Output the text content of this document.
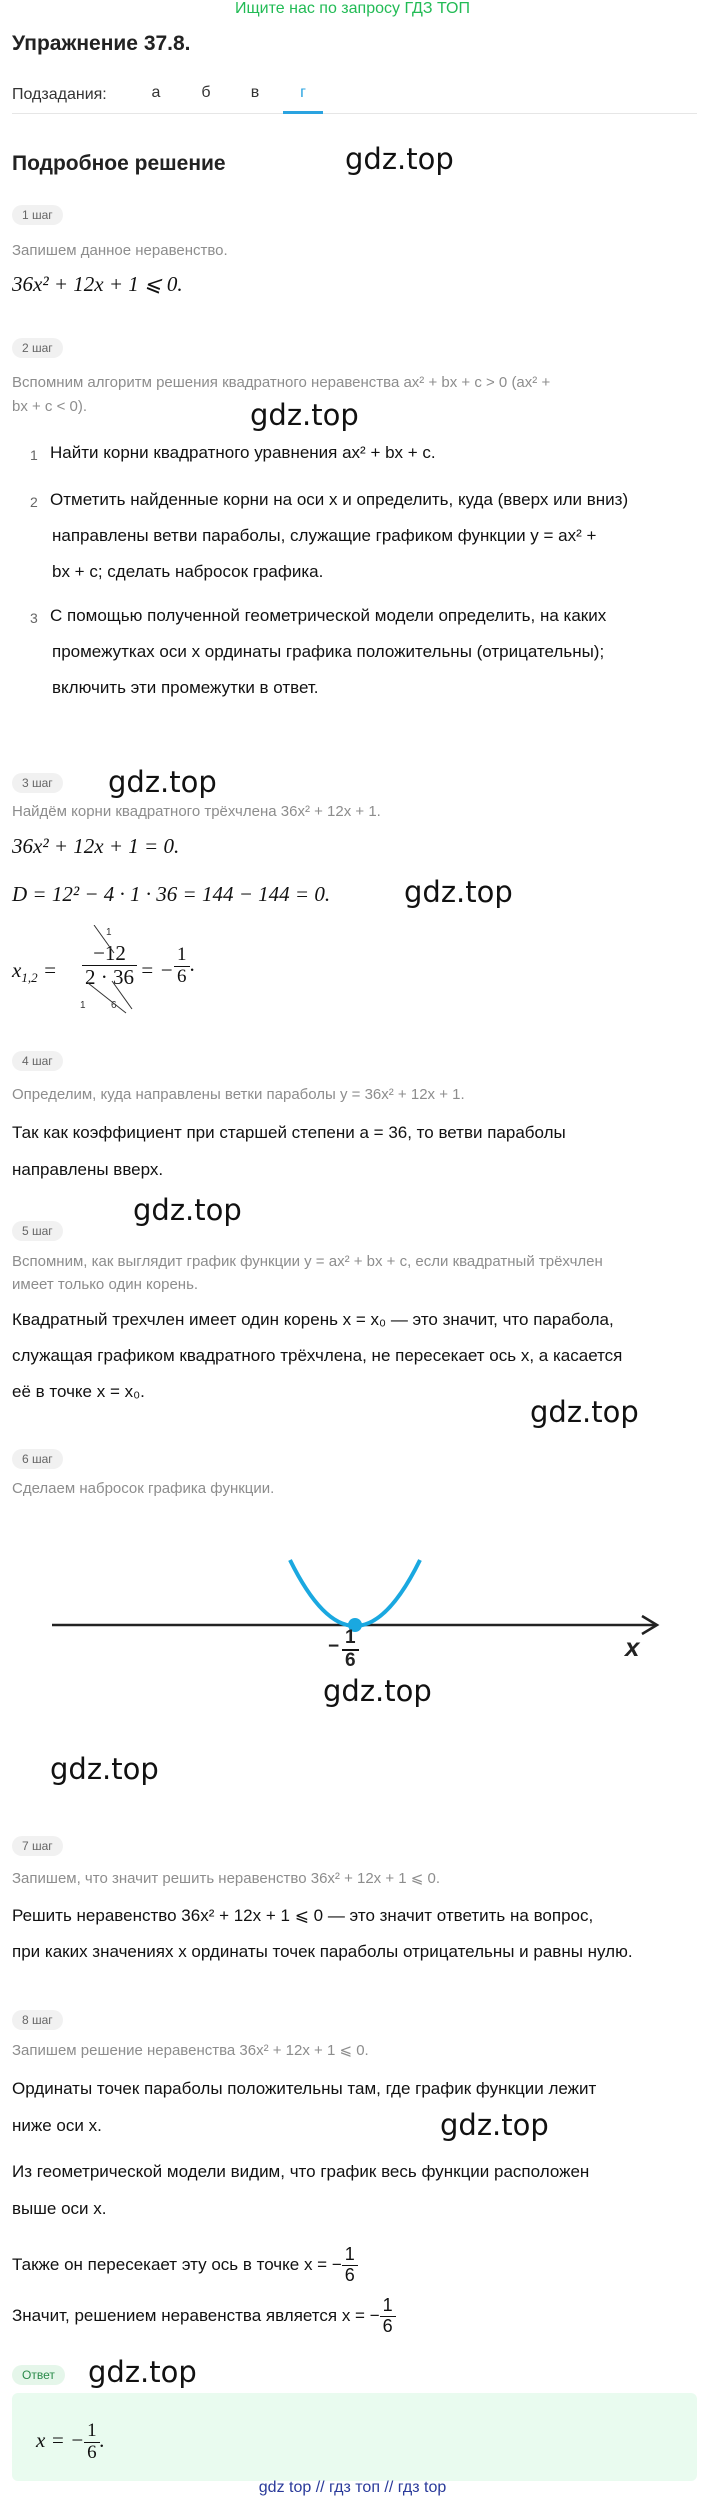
Ищите нас по запросу ГДЗ ТОП
Упражнение 37.8.
Подзадания:	а	б	в	г
Подробное решение	gdz.top
1 шаг
Запишем данное неравенство.
36x² + 12x + 1 ⩽ 0.
2 шаг
Вспомним алгоритм решения квадратного неравенства ax² + bx + c > 0 (ax² +
bx + c < 0).	gdz.top
1 Найти корни квадратного уравнения ax² + bx + c.
2 Отметить найденные корни на оси x и определить, куда (вверх или вниз)
направлены ветви параболы, служащие графиком функции y = ax² +
bx + c; сделать набросок графика.
3 С помощью полученной геометрической модели определить, на каких
промежутках оси x ординаты графика положительны (отрицательны);
включить эти промежутки в ответ.
3 шаг	gdz.top
Найдём корни квадратного трёхчлена 36x² + 12x + 1.
36x² + 12x + 1 = 0.
D = 12² − 4 · 1 · 36 = 144 − 144 = 0.	gdz.top
$x_{1,2} = \frac{-12}{2 \cdot 36}$ = − $\frac{1}{6}$ .
1
1	6
4 шаг
Определим, куда направлены ветки параболы y = 36x² + 12x + 1.
Так как коэффициент при старшей степени a = 36, то ветви параболы
направлены вверх.
gdz.top
5 шаг
Вспомним, как выглядит график функции y = ax² + bx + c, если квадратный трёхчлен
имеет только один корень.
Квадратный трехчлен имеет один корень x = x₀ — это значит, что парабола,
служащая графиком квадратного трёхчлена, не пересекает ось x, а касается
её в точке x = x₀.
gdz.top
6 шаг
Сделаем набросок графика функции.
− $\frac{1}{6}$	x
gdz.top
gdz.top
7 шаг
Запишем, что значит решить неравенство 36x² + 12x + 1 ⩽ 0.
Решить неравенство 36x² + 12x + 1 ⩽ 0 — это значит ответить на вопрос,
при каких значениях x ординаты точек параболы отрицательны и равны нулю.
8 шаг
Запишем решение неравенства 36x² + 12x + 1 ⩽ 0.
Ординаты точек параболы положительны там, где график функции лежит
ниже оси x.	gdz.top
Из геометрической модели видим, что график весь функции расположен
выше оси x.
Также он пересекает эту ось в точке x = − $\frac{1}{6}$
Значит, решением неравенства является x = − $\frac{1}{6}$
Ответ	gdz.top
x = − $\frac{1}{6}$ .
gdz top // гдз топ // гдз top
